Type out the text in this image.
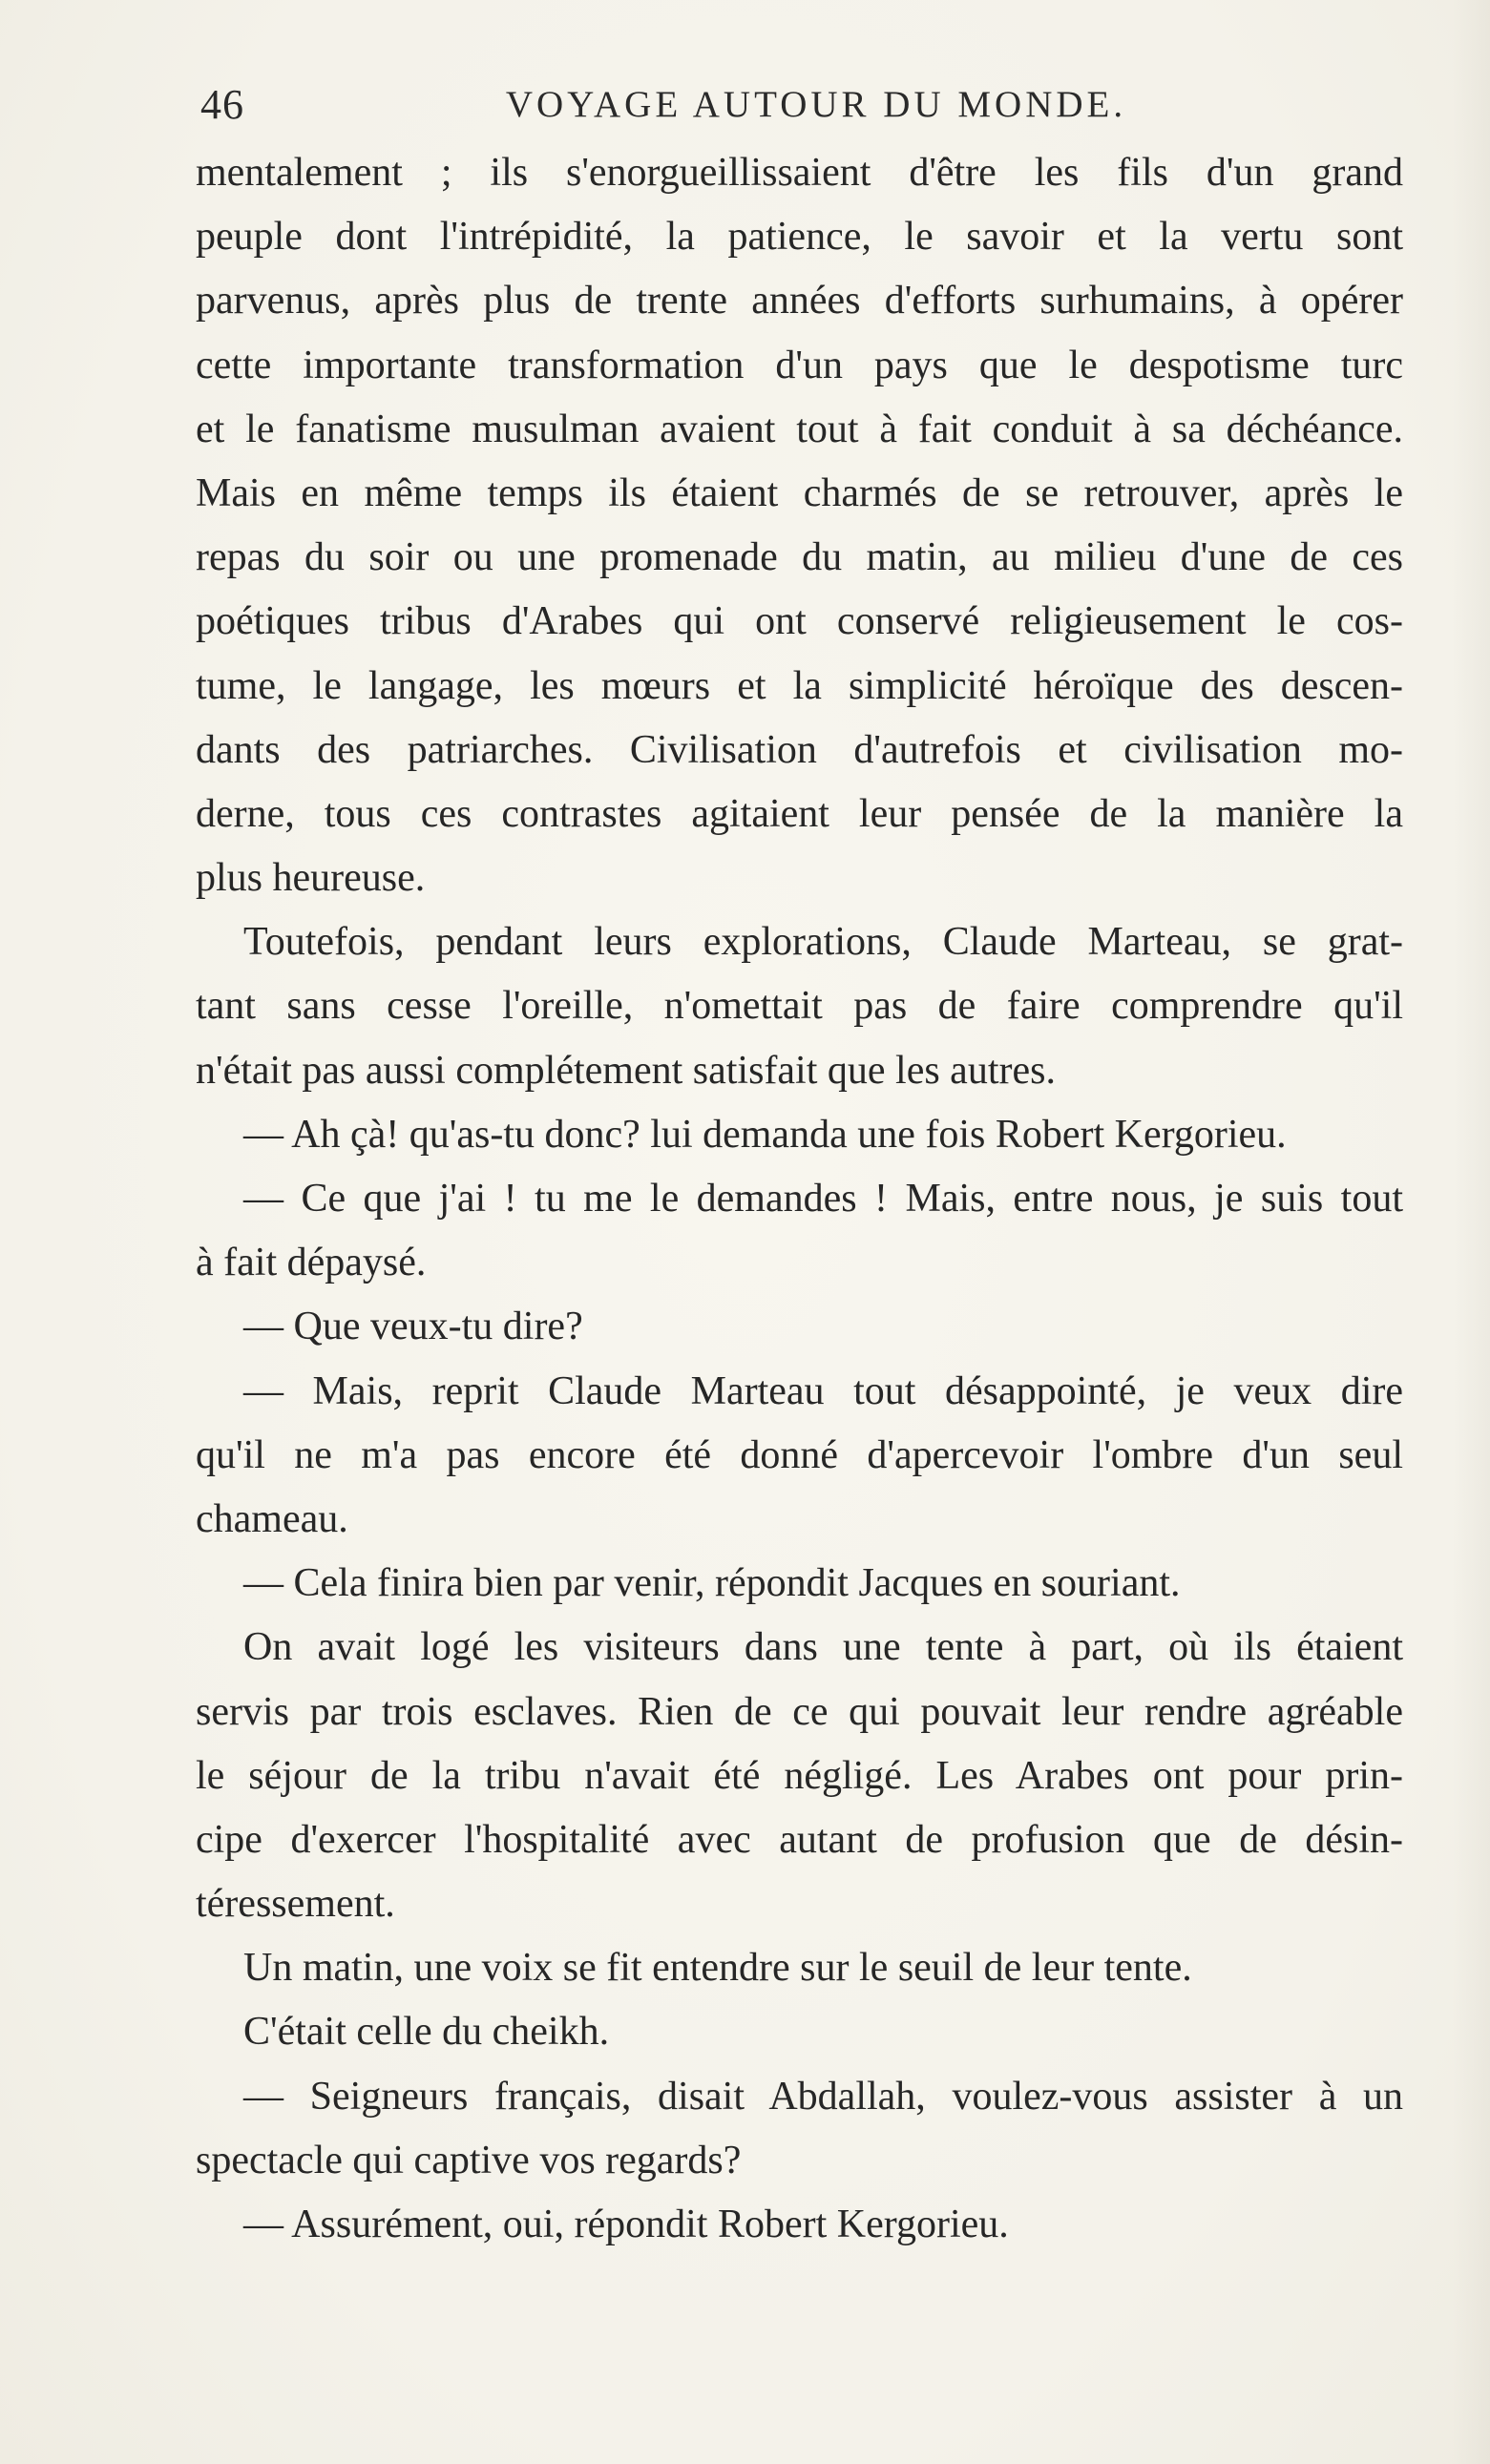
46	VOYAGE AUTOUR DU MONDE.
mentalement ; ils s'enorgueillissaient d'être les fils d'un grand
peuple dont l'intrépidité, la patience, le savoir et la vertu sont
parvenus, après plus de trente années d'efforts surhumains, à opérer
cette importante transformation d'un pays que le despotisme turc
et le fanatisme musulman avaient tout à fait conduit à sa déchéance.
Mais en même temps ils étaient charmés de se retrouver, après le
repas du soir ou une promenade du matin, au milieu d'une de ces
poétiques tribus d'Arabes qui ont conservé religieusement le cos-
tume, le langage, les mœurs et la simplicité héroïque des descen-
dants des patriarches. Civilisation d'autrefois et civilisation mo-
derne, tous ces contrastes agitaient leur pensée de la manière la
plus heureuse.
Toutefois, pendant leurs explorations, Claude Marteau, se grat-
tant sans cesse l'oreille, n'omettait pas de faire comprendre qu'il
n'était pas aussi complétement satisfait que les autres.
— Ah çà! qu'as-tu donc? lui demanda une fois Robert Kergorieu.
— Ce que j'ai ! tu me le demandes ! Mais, entre nous, je suis tout
à fait dépaysé.
— Que veux-tu dire?
— Mais, reprit Claude Marteau tout désappointé, je veux dire
qu'il ne m'a pas encore été donné d'apercevoir l'ombre d'un seul
chameau.
— Cela finira bien par venir, répondit Jacques en souriant.
On avait logé les visiteurs dans une tente à part, où ils étaient
servis par trois esclaves. Rien de ce qui pouvait leur rendre agréable
le séjour de la tribu n'avait été négligé. Les Arabes ont pour prin-
cipe d'exercer l'hospitalité avec autant de profusion que de désin-
téressement.
Un matin, une voix se fit entendre sur le seuil de leur tente.
C'était celle du cheikh.
— Seigneurs français, disait Abdallah, voulez-vous assister à un
spectacle qui captive vos regards?
— Assurément, oui, répondit Robert Kergorieu.
